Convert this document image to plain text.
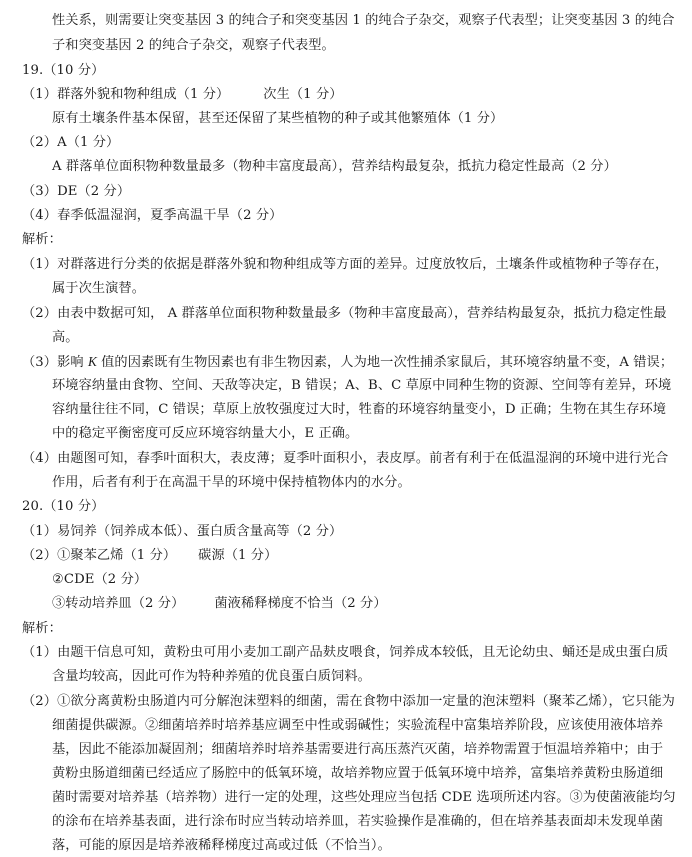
性关系，则需要让突变基因 3 的纯合子和突变基因 1 的纯合子杂交，观察子代表型；让突变基因 3 的纯合
子和突变基因 2 的纯合子杂交，观察子代表型。
19.（10 分）
（1）群落外貌和物种组成（1 分）	次生（1 分）
原有土壤条件基本保留，甚至还保留了某些植物的种子或其他繁殖体（1 分）
（2）A（1 分）
A 群落单位面积物种数量最多（物种丰富度最高），营养结构最复杂，抵抗力稳定性最高（2 分）
（3）DE（2 分）
（4）春季低温湿润，夏季高温干旱（2 分）
解析：
（1）对群落进行分类的依据是群落外貌和物种组成等方面的差异。过度放牧后，土壤条件或植物种子等存在，
属于次生演替。
（2）由表中数据可知， A 群落单位面积物种数量最多（物种丰富度最高），营养结构最复杂，抵抗力稳定性最
高。
（3）影响 K 值的因素既有生物因素也有非生物因素，人为地一次性捕杀家鼠后，其环境容纳量不变，A 错误；
环境容纳量由食物、空间、天敌等决定，B 错误；A、B、C 草原中同种生物的资源、空间等有差异，环境
容纳量往往不同，C 错误；草原上放牧强度过大时，牲畜的环境容纳量变小，D 正确；生物在其生存环境
中的稳定平衡密度可反应环境容纳量大小，E 正确。
（4）由题图可知，春季叶面积大，表皮薄；夏季叶面积小，表皮厚。前者有利于在低温湿润的环境中进行光合
作用，后者有利于在高温干旱的环境中保持植物体内的水分。
20.（10 分）
（1）易饲养（饲养成本低）、蛋白质含量高等（2 分）
（2）①聚苯乙烯（1 分） 碳源（1 分）
②CDE（2 分）
③转动培养皿（2 分） 菌液稀释梯度不恰当（2 分）
解析：
（1）由题干信息可知，黄粉虫可用小麦加工副产品麸皮喂食，饲养成本较低，且无论幼虫、蛹还是成虫蛋白质
含量均较高，因此可作为特种养殖的优良蛋白质饲料。
（2）①欲分离黄粉虫肠道内可分解泡沫塑料的细菌，需在食物中添加一定量的泡沫塑料（聚苯乙烯），它只能为
细菌提供碳源。②细菌培养时培养基应调至中性或弱碱性；实验流程中富集培养阶段，应该使用液体培养
基，因此不能添加凝固剂；细菌培养时培养基需要进行高压蒸汽灭菌，培养物需置于恒温培养箱中；由于
黄粉虫肠道细菌已经适应了肠腔中的低氧环境，故培养物应置于低氧环境中培养，富集培养黄粉虫肠道细
菌时需要对培养基（培养物）进行一定的处理，这些处理应当包括 CDE 选项所述内容。③为使菌液能均匀
的涂布在培养基表面，进行涂布时应当转动培养皿，若实验操作是准确的，但在培养基表面却未发现单菌
落，可能的原因是培养液稀释梯度过高或过低（不恰当）。
